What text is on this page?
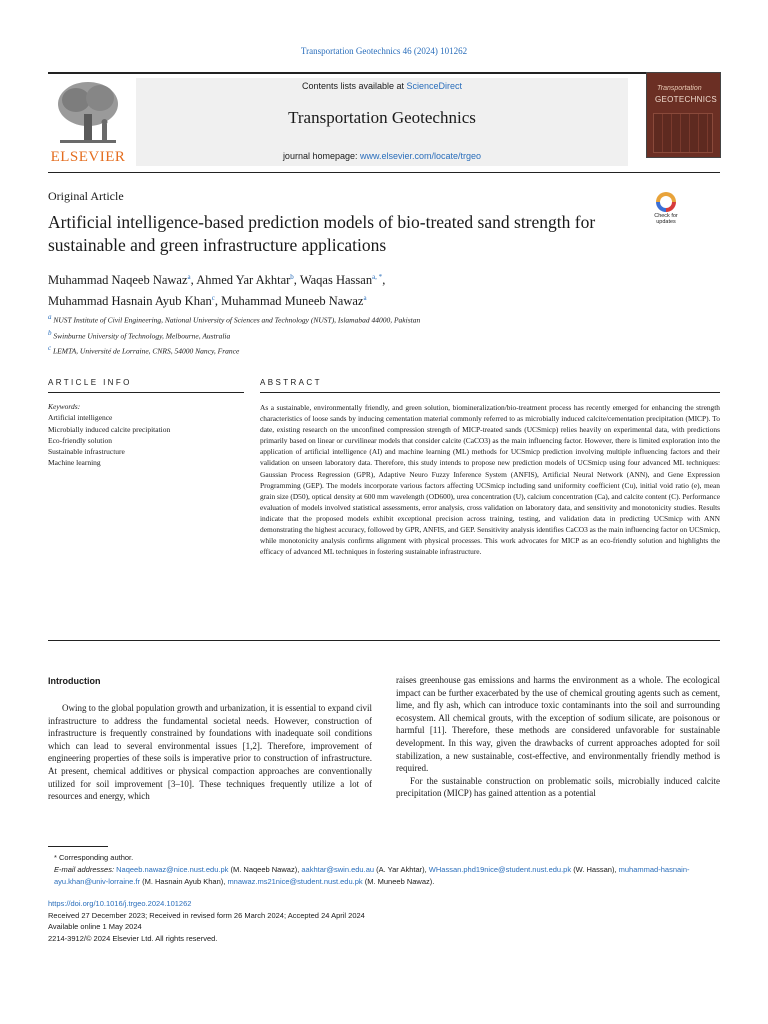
Transportation Geotechnics 46 (2024) 101262
ELSEVIER
Contents lists available at ScienceDirect
Transportation Geotechnics
journal homepage: www.elsevier.com/locate/trgeo
Transportation
GEOTECHNICS
Original Article
Artificial intelligence-based prediction models of bio-treated sand strength for sustainable and green infrastructure applications
Check for updates
Muhammad Naqeeb Nawaz$^a$, Ahmed Yar Akhtar$^b$, Waqas Hassan$^{a, *}$,
Muhammad Hasnain Ayub Khan$^c$, Muhammad Muneeb Nawaz$^a$
$^a$ NUST Institute of Civil Engineering, National University of Sciences and Technology (NUST), Islamabad 44000, Pakistan
$^b$ Swinburne University of Technology, Melbourne, Australia
$^c$ LEMTA, Université de Lorraine, CNRS, 54000 Nancy, France
ARTICLE INFO	ABSTRACT
Keywords:
Artificial intelligence
Microbially induced calcite precipitation
Eco-friendly solution
Sustainable infrastructure
Machine learning
As a sustainable, environmentally friendly, and green solution, biomineralization/bio-treatment process has recently emerged for enhancing the strength characteristics of loose sands by inducing cementation material commonly referred to as microbially induced calcite/cementation precipitation (MICP). To date, existing research on the unconfined compression strength of MICP-treated sands (UCSmicp) relies heavily on experimental data, with predictions primarily based on linear or curvilinear models that consider calcite (CaCO3) as the main influencing factor. However, there is limited exploration into the application of artificial intelligence (AI) and machine learning (ML) methods for UCSmicp prediction involving multiple influencing factors and their validation on unseen laboratory data. Therefore, this study intends to propose new prediction models of UCSmicp using four advanced ML techniques: Gaussian Process Regression (GPR), Adaptive Neuro Fuzzy Inference System (ANFIS), Artificial Neural Network (ANN), and Gene Expression Programming (GEP). The models incorporate various factors affecting UCSmicp including sand uniformity coefficient (Cu), initial void ratio (e), mean grain size (D50), optical density at 600 mm wavelength (OD600), urea concentration (U), calcium concentration (Ca), and calcite content (C). Performance evaluation of models involved statistical assessments, error analysis, cross validation on laboratory data, and sensitivity and monotonicity studies. Results indicate that the proposed models exhibit exceptional precision across training, testing, and validation data in predicting UCSmicp with ANN demonstrating the highest accuracy, followed by GPR, ANFIS, and GEP. Sensitivity analysis identifies CaCO3 as the main influencing factor on UCSmicp, while monotonicity analysis confirms alignment with physical processes. This work advocates for MICP as an eco-friendly solution and highlights the efficacy of advanced ML techniques in fostering sustainable infrastructure.
Introduction

Owing to the global population growth and urbanization, it is essential to expand civil infrastructure to address the fundamental societal needs. However, construction of infrastructure is frequently constrained by foundations with inadequate soil conditions which can lead to several environmental issues [1,2]. Therefore, improvement of engineering properties of these soils is imperative prior to construction of infrastructure. At present, chemical additives or physical compaction approaches are conventionally utilized for soil improvement [3–10]. These techniques frequently utilize a lot of resources and energy, which

raises greenhouse gas emissions and harms the environment as a whole. The ecological impact can be further exacerbated by the use of chemical grouting agents such as cement, lime, and fly ash, which can introduce toxic contaminants into the soil and surrounding ecosystem. All chemical grouts, with the exception of sodium silicate, are poisonous or harmful [11]. Therefore, these methods are considered unfavorable for sustainable development. In this way, given the drawbacks of current approaches adopted for soil stabilization, a new sustainable, cost-effective, and environmentally friendly method is required.

For the sustainable construction on problematic soils, microbially induced calcite precipitation (MICP) has gained attention as a potential

* Corresponding author.
E-mail addresses: Naqeeb.nawaz@nice.nust.edu.pk (M. Naqeeb Nawaz), aakhtar@swin.edu.au (A. Yar Akhtar), WHassan.phd19nice@student.nust.edu.pk (W. Hassan), muhammad-hasnain-ayu.khan@univ-lorraine.fr (M. Hasnain Ayub Khan), mnawaz.ms21nice@student.nust.edu.pk (M. Muneeb Nawaz).
https://doi.org/10.1016/j.trgeo.2024.101262
Received 27 December 2023; Received in revised form 26 March 2024; Accepted 24 April 2024
Available online 1 May 2024
2214-3912/© 2024 Elsevier Ltd. All rights reserved.
